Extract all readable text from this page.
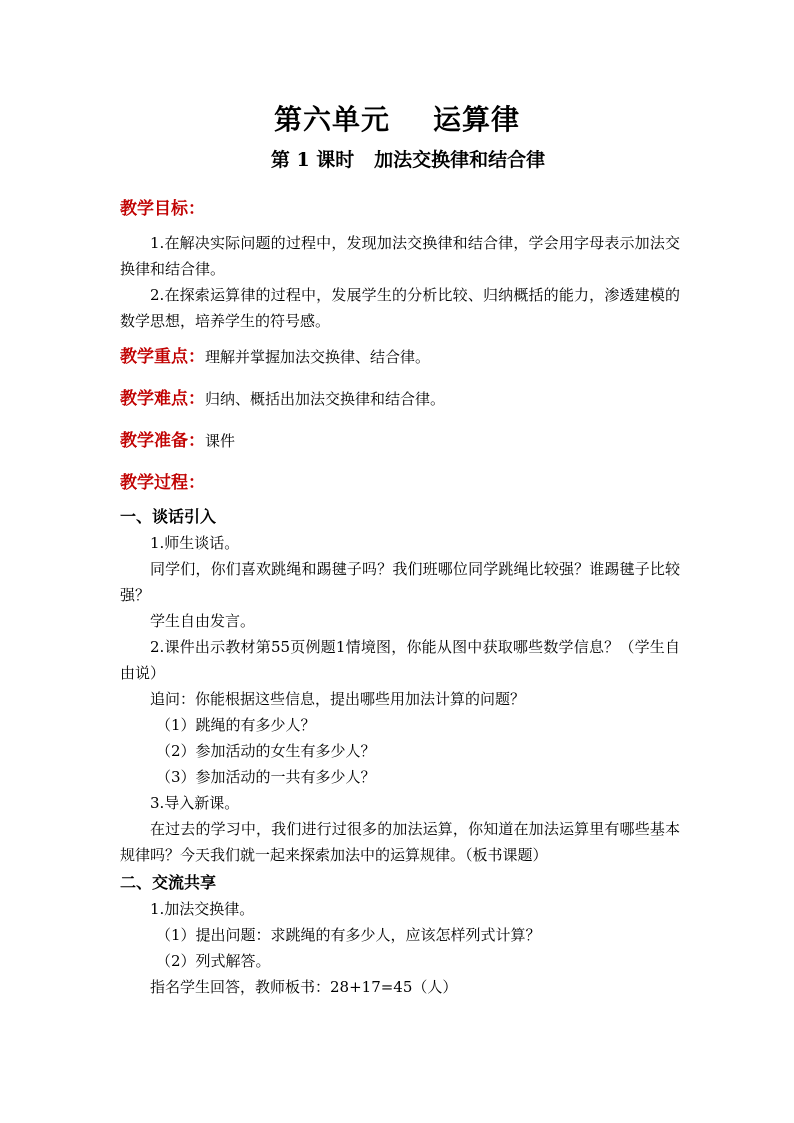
第六单元    运算律
第 1 课时   加法交换律和结合律
教学目标：

1.在解决实际问题的过程中，发现加法交换律和结合律，学会用字母表示加法交换律和结合律。

2.在探索运算律的过程中，发展学生的分析比较、归纳概括的能力，渗透建模的数学思想，培养学生的符号感。

教学重点：理解并掌握加法交换律、结合律。
教学难点：归纳、概括出加法交换律和结合律。
教学准备：课件
教学过程：

一、谈话引入

1.师生谈话。

同学们，你们喜欢跳绳和踢毽子吗？我们班哪位同学跳绳比较强？谁踢毽子比较强？

学生自由发言。

2.课件出示教材第55页例题1情境图，你能从图中获取哪些数学信息？（学生自由说）

追问：你能根据这些信息，提出哪些用加法计算的问题？

（1）跳绳的有多少人？

（2）参加活动的女生有多少人？

（3）参加活动的一共有多少人？

3.导入新课。

在过去的学习中，我们进行过很多的加法运算，你知道在加法运算里有哪些基本规律吗？今天我们就一起来探索加法中的运算规律。（板书课题）

二、交流共享

1.加法交换律。

（1）提出问题：求跳绳的有多少人，应该怎样列式计算？

（2）列式解答。

指名学生回答，教师板书：28+17=45（人）
